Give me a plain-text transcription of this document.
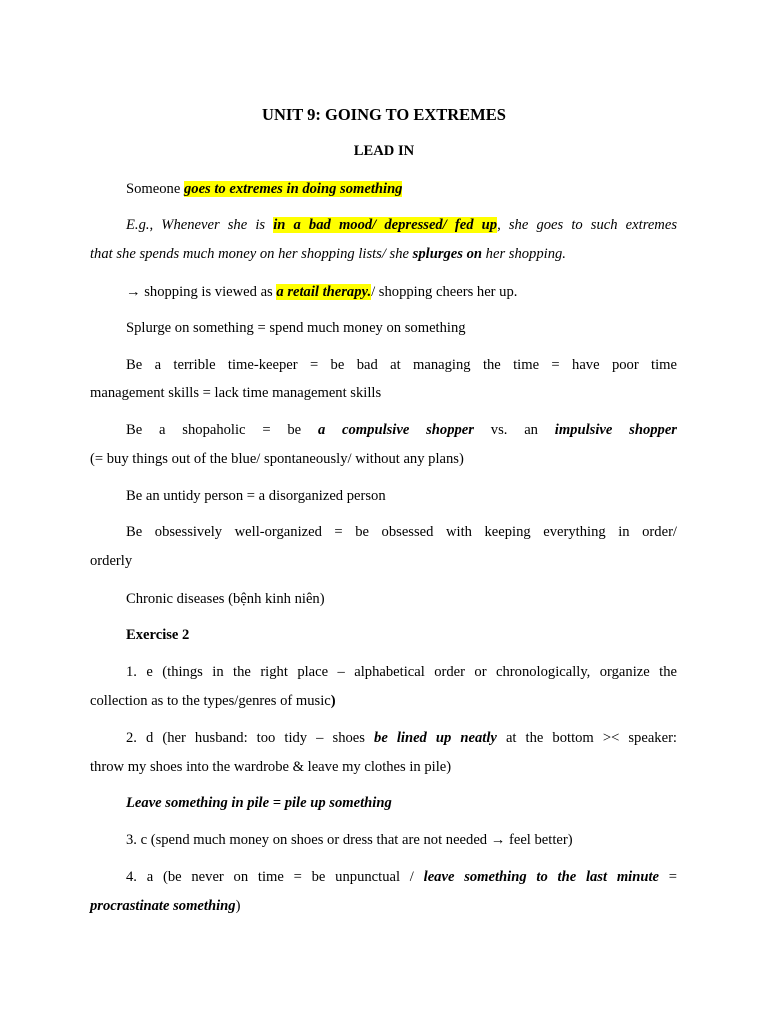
UNIT 9: GOING TO EXTREMES

LEAD IN

Someone goes to extremes in doing something

E.g., Whenever she is in a bad mood/ depressed/ fed up, she goes to such extremes

that she spends much money on her shopping lists/ she splurges on her shopping.

→ shopping is viewed as a retail therapy./ shopping cheers her up.

Splurge on something = spend much money on something

Be a terrible time-keeper = be bad at managing the time = have poor time

management skills = lack time management skills

Be a shopaholic = be a compulsive shopper vs. an impulsive shopper

(= buy things out of the blue/ spontaneously/ without any plans)

Be an untidy person = a disorganized person

Be obsessively well-organized = be obsessed with keeping everything in order/

orderly

Chronic diseases (bệnh kinh niên)

Exercise 2

1. e (things in the right place – alphabetical order or chronologically, organize the

collection as to the types/genres of music)

2. d (her husband: too tidy – shoes be lined up neatly at the bottom >< speaker:

throw my shoes into the wardrobe & leave my clothes in pile)

Leave something in pile = pile up something

3. c (spend much money on shoes or dress that are not needed → feel better)

4. a (be never on time = be unpunctual / leave something to the last minute =

procrastinate something)
